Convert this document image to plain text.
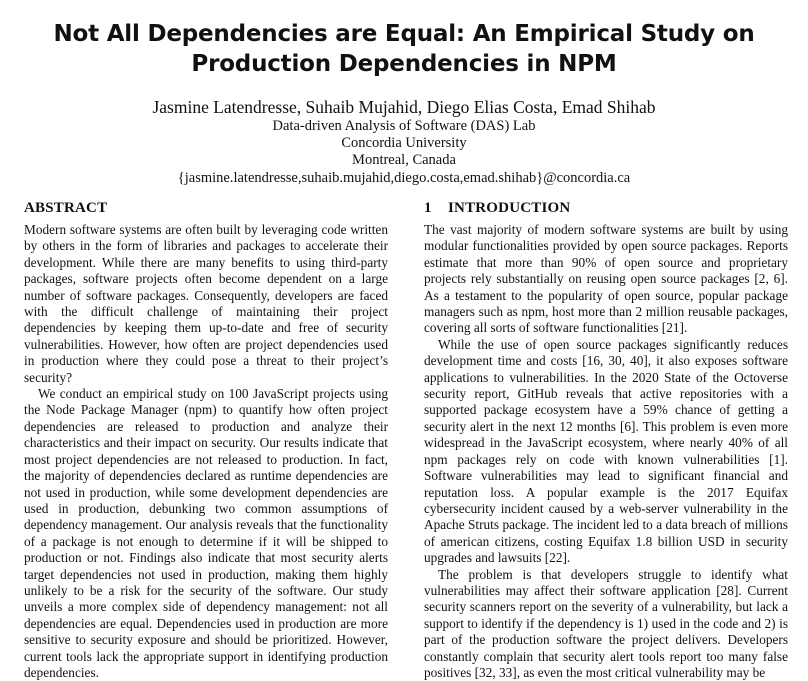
Not All Dependencies are Equal: An Empirical Study on
Production Dependencies in NPM
Jasmine Latendresse, Suhaib Mujahid, Diego Elias Costa, Emad Shihab
Data-driven Analysis of Software (DAS) Lab
Concordia University
Montreal, Canada
{jasmine.latendresse,suhaib.mujahid,diego.costa,emad.shihab}@concordia.ca
ABSTRACT

Modern software systems are often built by leveraging code written by others in the form of libraries and packages to accelerate their development. While there are many benefits to using third-party packages, software projects often become dependent on a large number of software packages. Consequently, developers are faced with the difficult challenge of maintaining their project dependencies by keeping them up-to-date and free of security vulnerabilities. However, how often are project dependencies used in production where they could pose a threat to their project’s security?

We conduct an empirical study on 100 JavaScript projects using the Node Package Manager (npm) to quantify how often project dependencies are released to production and analyze their characteristics and their impact on security. Our results indicate that most project dependencies are not released to production. In fact, the majority of dependencies declared as runtime dependencies are not used in production, while some development dependencies are used in production, debunking two common assumptions of dependency management. Our analysis reveals that the functionality of a package is not enough to determine if it will be shipped to production or not. Findings also indicate that most security alerts target dependencies not used in production, making them highly unlikely to be a risk for the security of the software. Our study unveils a more complex side of dependency management: not all dependencies are equal. Dependencies used in production are more sensitive to security exposure and should be prioritized. However, current tools lack the appropriate support in identifying production dependencies.

1 INTRODUCTION

The vast majority of modern software systems are built by using modular functionalities provided by open source packages. Reports estimate that more than 90% of open source and proprietary projects rely substantially on reusing open source packages [2, 6]. As a testament to the popularity of open source, popular package managers such as npm, host more than 2 million reusable packages, covering all sorts of software functionalities [21].

While the use of open source packages significantly reduces development time and costs [16, 30, 40], it also exposes software applications to vulnerabilities. In the 2020 State of the Octoverse security report, GitHub reveals that active repositories with a supported package ecosystem have a 59% chance of getting a security alert in the next 12 months [6]. This problem is even more widespread in the JavaScript ecosystem, where nearly 40% of all npm packages rely on code with known vulnerabilities [1]. Software vulnerabilities may lead to significant financial and reputation loss. A popular example is the 2017 Equifax cybersecurity incident caused by a web-server vulnerability in the Apache Struts package. The incident led to a data breach of millions of american citizens, costing Equifax 1.8 billion USD in security upgrades and lawsuits [22].

The problem is that developers struggle to identify what vulnerabilities may affect their software application [28]. Current security scanners report on the severity of a vulnerability, but lack a support to identify if the dependency is 1) used in the code and 2) is part of the production software the project delivers. Developers constantly complain that security alert tools report too many false positives [32, 33], as even the most critical vulnerability may be
